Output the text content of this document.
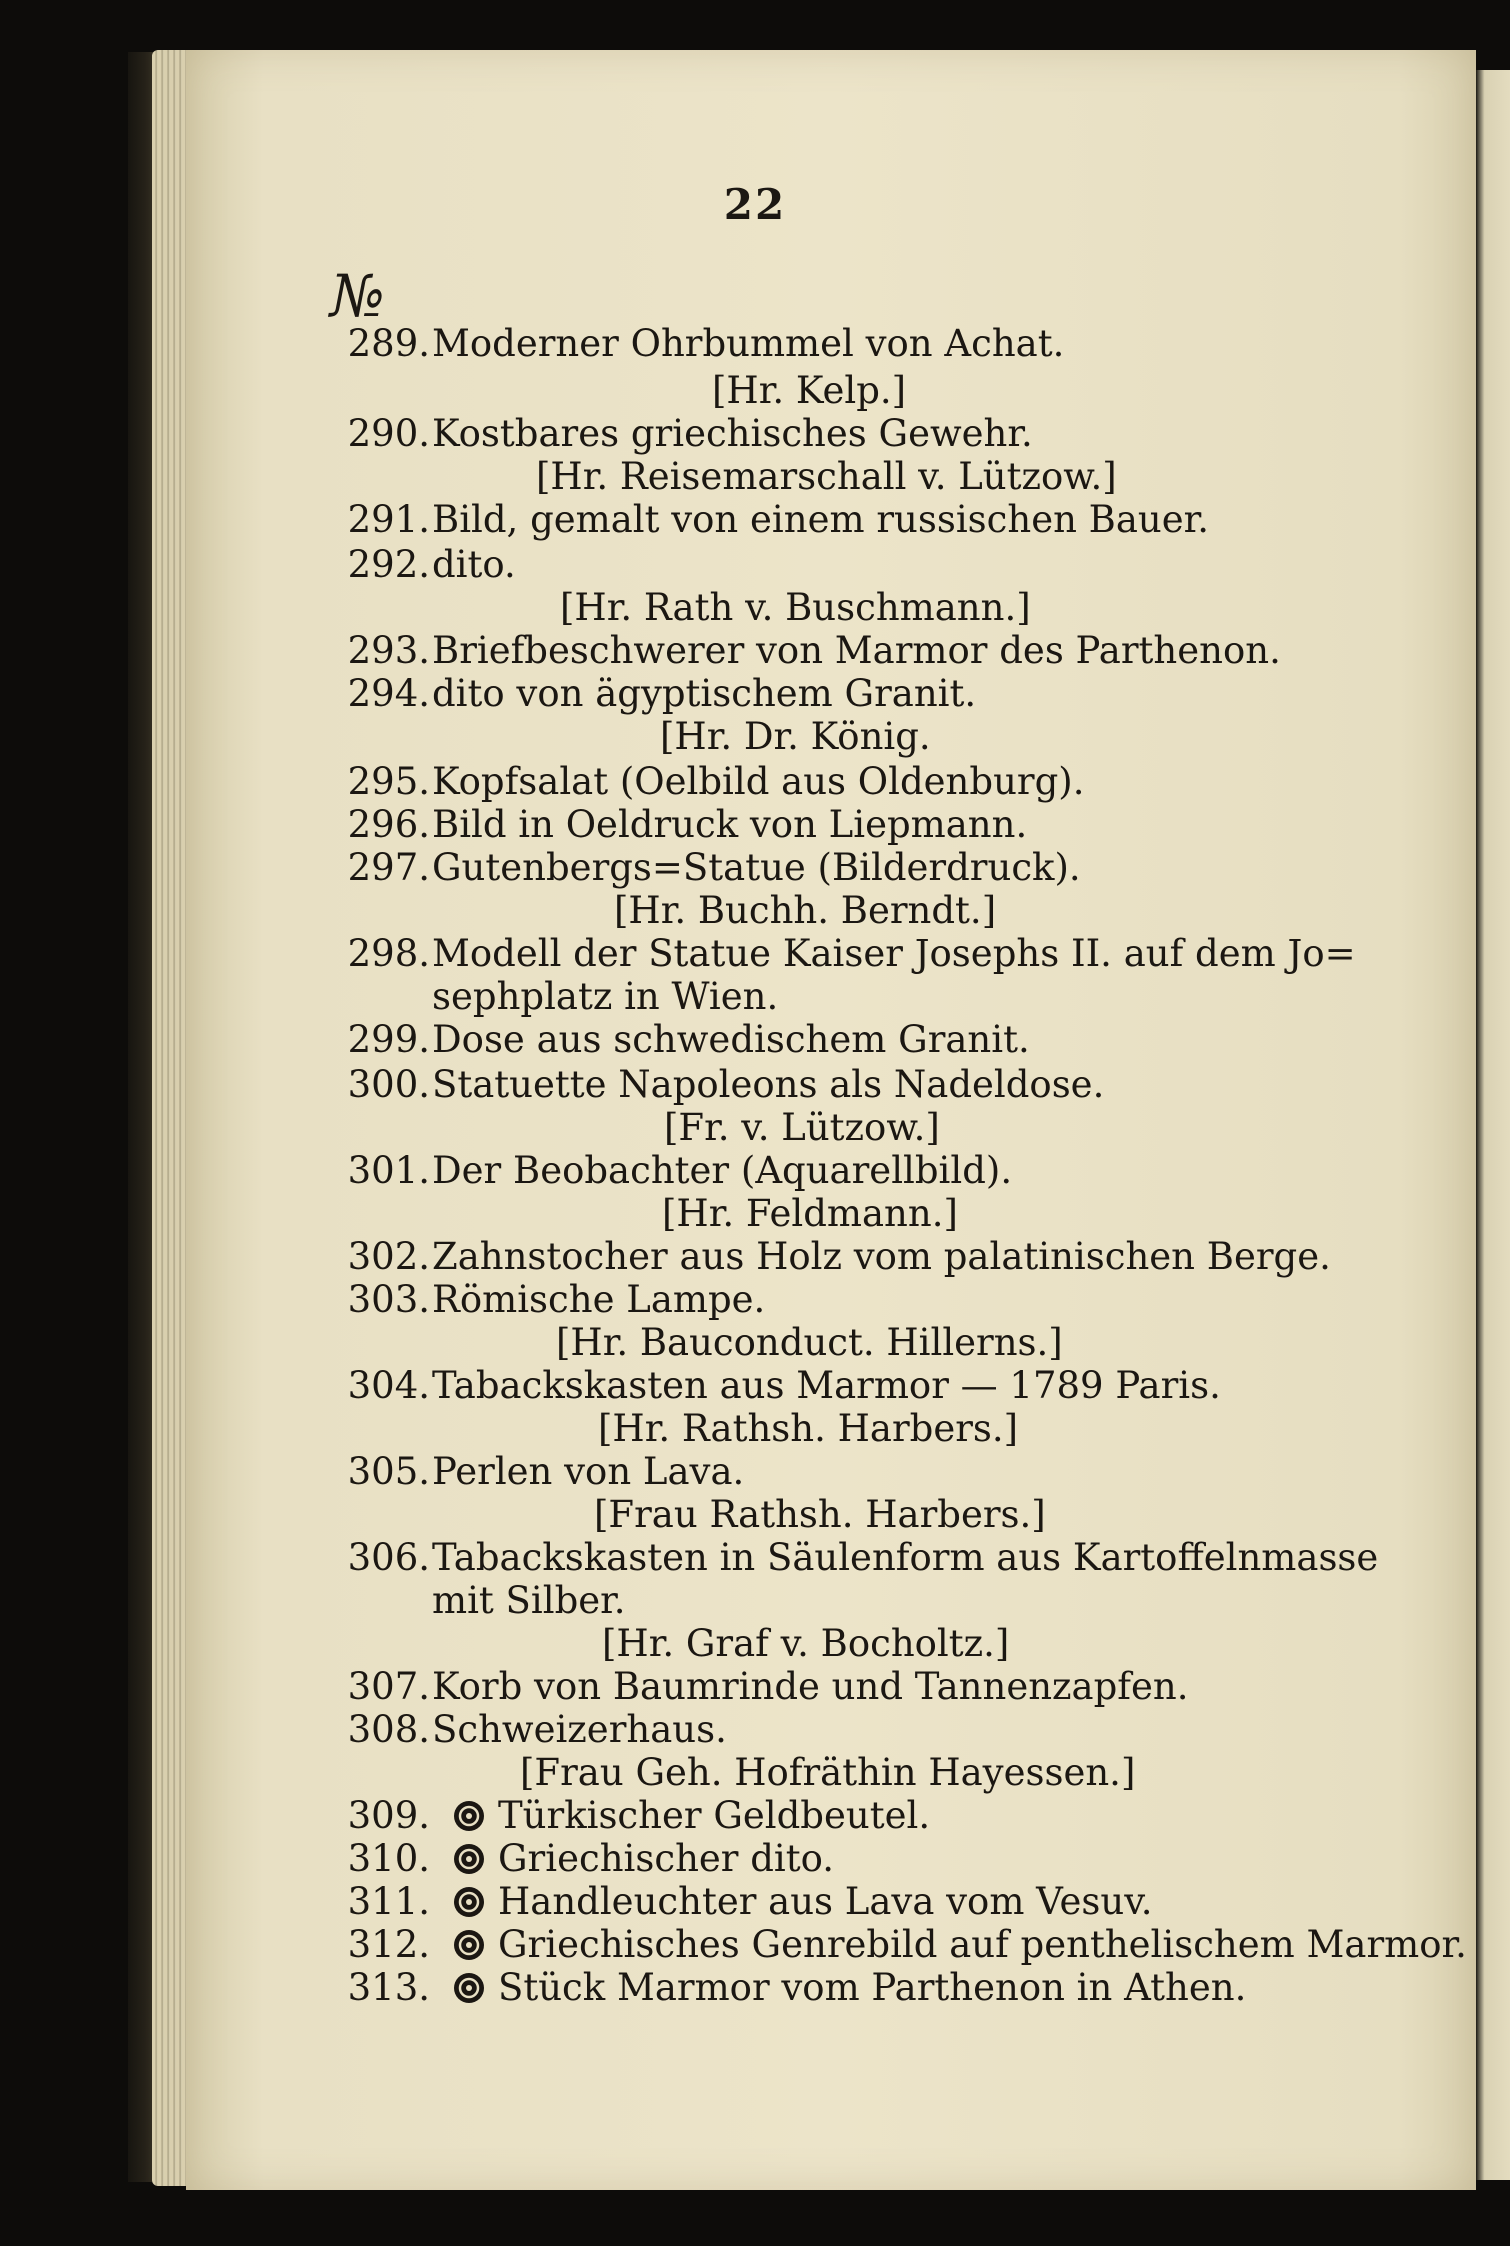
22
№
289. Moderner Ohrbummel von Achat.
[Hr. Kelp.]
290. Kostbares griechisches Gewehr.
[Hr. Reisemarschall v. Lützow.]
291. Bild, gemalt von einem russischen Bauer.
292. dito.
[Hr. Rath v. Buschmann.]
293. Briefbeschwerer von Marmor des Parthenon.
294. dito von ägyptischem Granit.
[Hr. Dr. König.
295. Kopfsalat (Oelbild aus Oldenburg).
296. Bild in Oeldruck von Liepmann.
297. Gutenbergs=Statue (Bilderdruck).
[Hr. Buchh. Berndt.]
298. Modell der Statue Kaiser Josephs II. auf dem Jo=
sephplatz in Wien.
299. Dose aus schwedischem Granit.
300. Statuette Napoleons als Nadeldose.
[Fr. v. Lützow.]
301. Der Beobachter (Aquarellbild).
[Hr. Feldmann.]
302. Zahnstocher aus Holz vom palatinischen Berge.
303. Römische Lampe.
[Hr. Bauconduct. Hillerns.]
304. Tabackskasten aus Marmor — 1789 Paris.
[Hr. Rathsh. Harbers.]
305. Perlen von Lava.
[Frau Rathsh. Harbers.]
306. Tabackskasten in Säulenform aus Kartoffelnmasse
mit Silber.
[Hr. Graf v. Bocholtz.]
307. Korb von Baumrinde und Tannenzapfen.
308. Schweizerhaus.
[Frau Geh. Hofräthin Hayessen.]
309. Türkischer Geldbeutel.
310. Griechischer dito.
311. Handleuchter aus Lava vom Vesuv.
312. Griechisches Genrebild auf penthelischem Marmor.
313. Stück Marmor vom Parthenon in Athen.
